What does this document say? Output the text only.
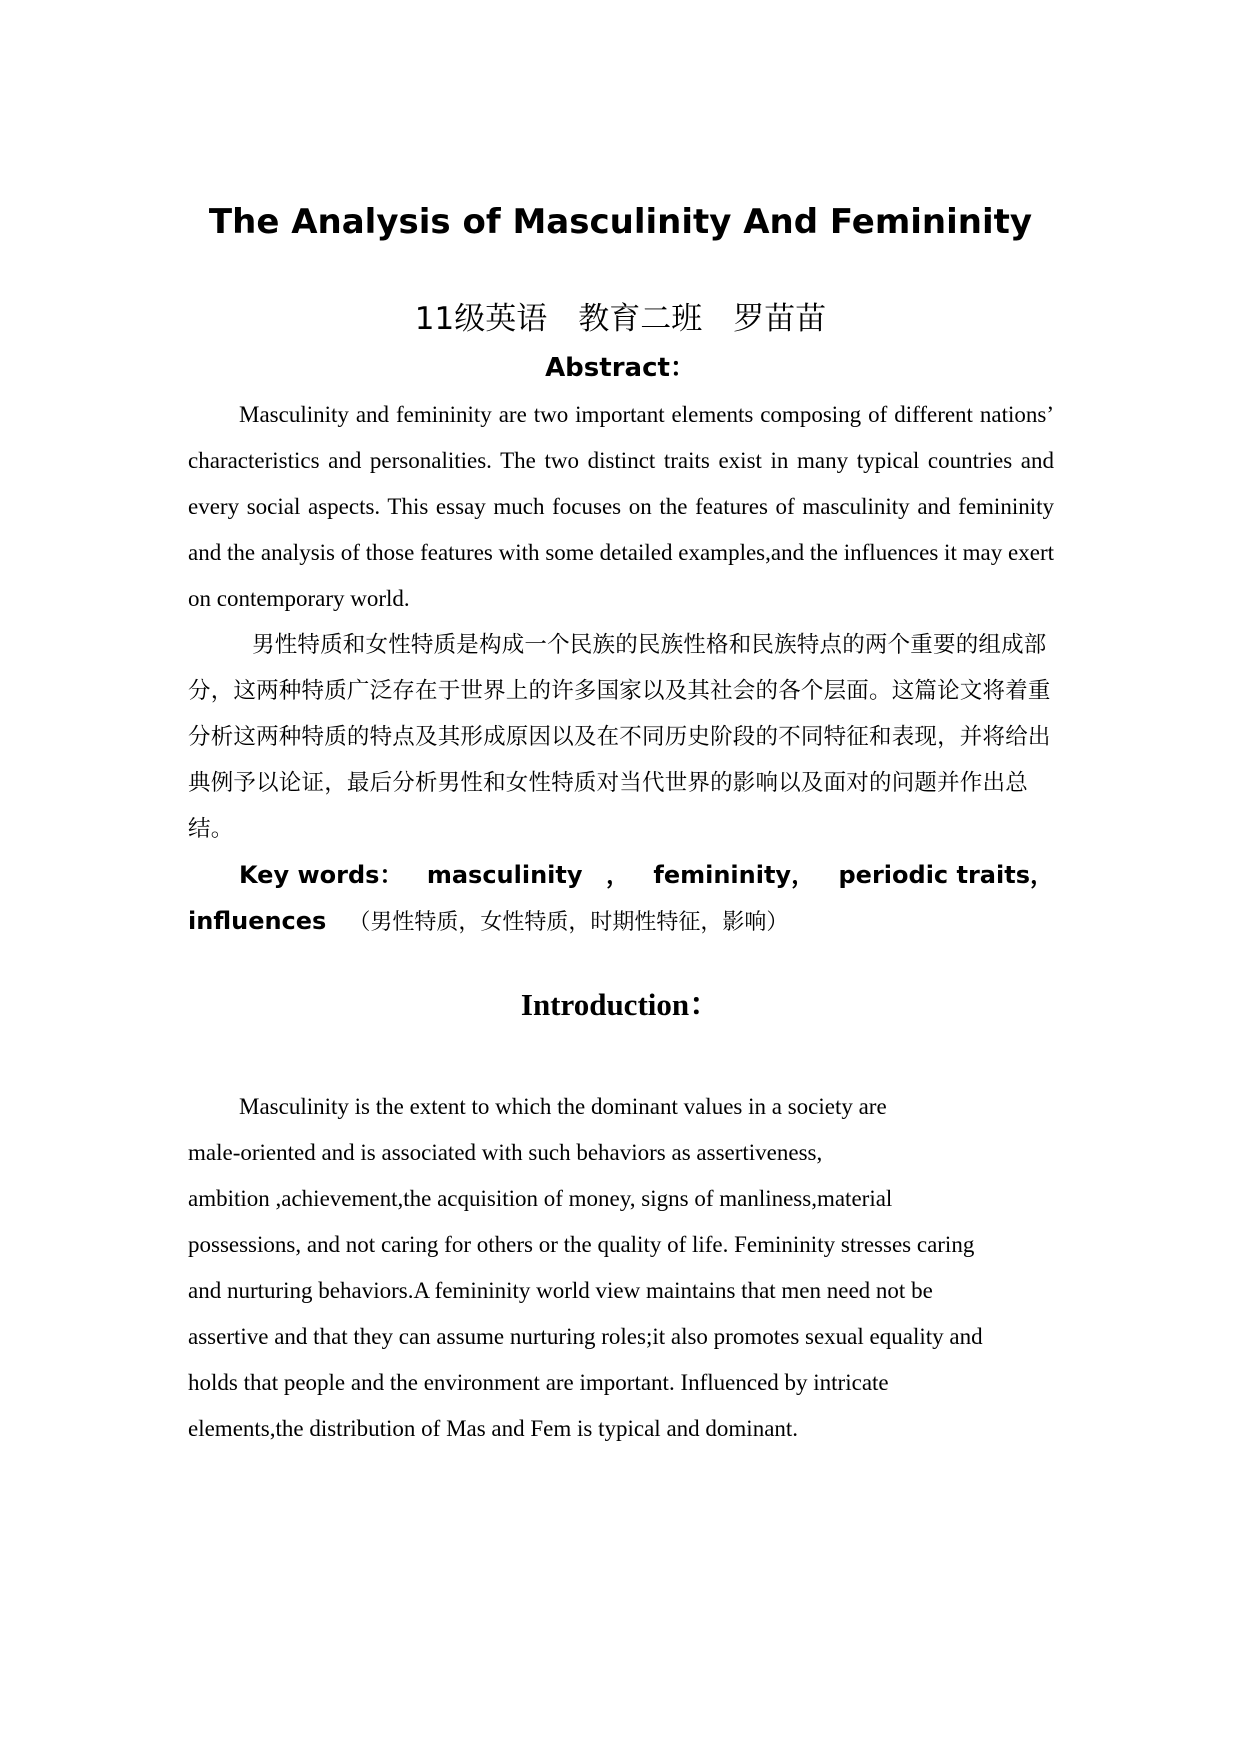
The Analysis of Masculinity And Femininity
11级英语　教育二班　罗苗苗
Abstract：

Masculinity and femininity are two important elements composing of different nations’ characteristics and personalities. The two distinct traits exist in many typical countries and every social aspects. This essay much focuses on the features of masculinity and femininity and the analysis of those features with some detailed examples,and the influences it may exert on contemporary world.

男性特质和女性特质是构成一个民族的民族性格和民族特点的两个重要的组成部分，这两种特质广泛存在于世界上的许多国家以及其社会的各个层面。这篇论文将着重分析这两种特质的特点及其形成原因以及在不同历史阶段的不同特征和表现，并将给出典例予以论证，最后分析男性和女性特质对当代世界的影响以及面对的问题并作出总结。

Key words： masculinity ， femininity， periodic traits，
influences （男性特质，女性特质，时期性特征，影响）
Introduction：

Masculinity is the extent to which the dominant values in a society are
male-oriented and is associated with such behaviors as assertiveness,
ambition ,achievement,the acquisition of money, signs of manliness,material
possessions, and not caring for others or the quality of life. Femininity stresses caring
and nurturing behaviors.A femininity world view maintains that men need not be
assertive and that they can assume nurturing roles;it also promotes sexual equality and
holds that people and the environment are important. Influenced by intricate
elements,the distribution of Mas and Fem is typical and dominant.
